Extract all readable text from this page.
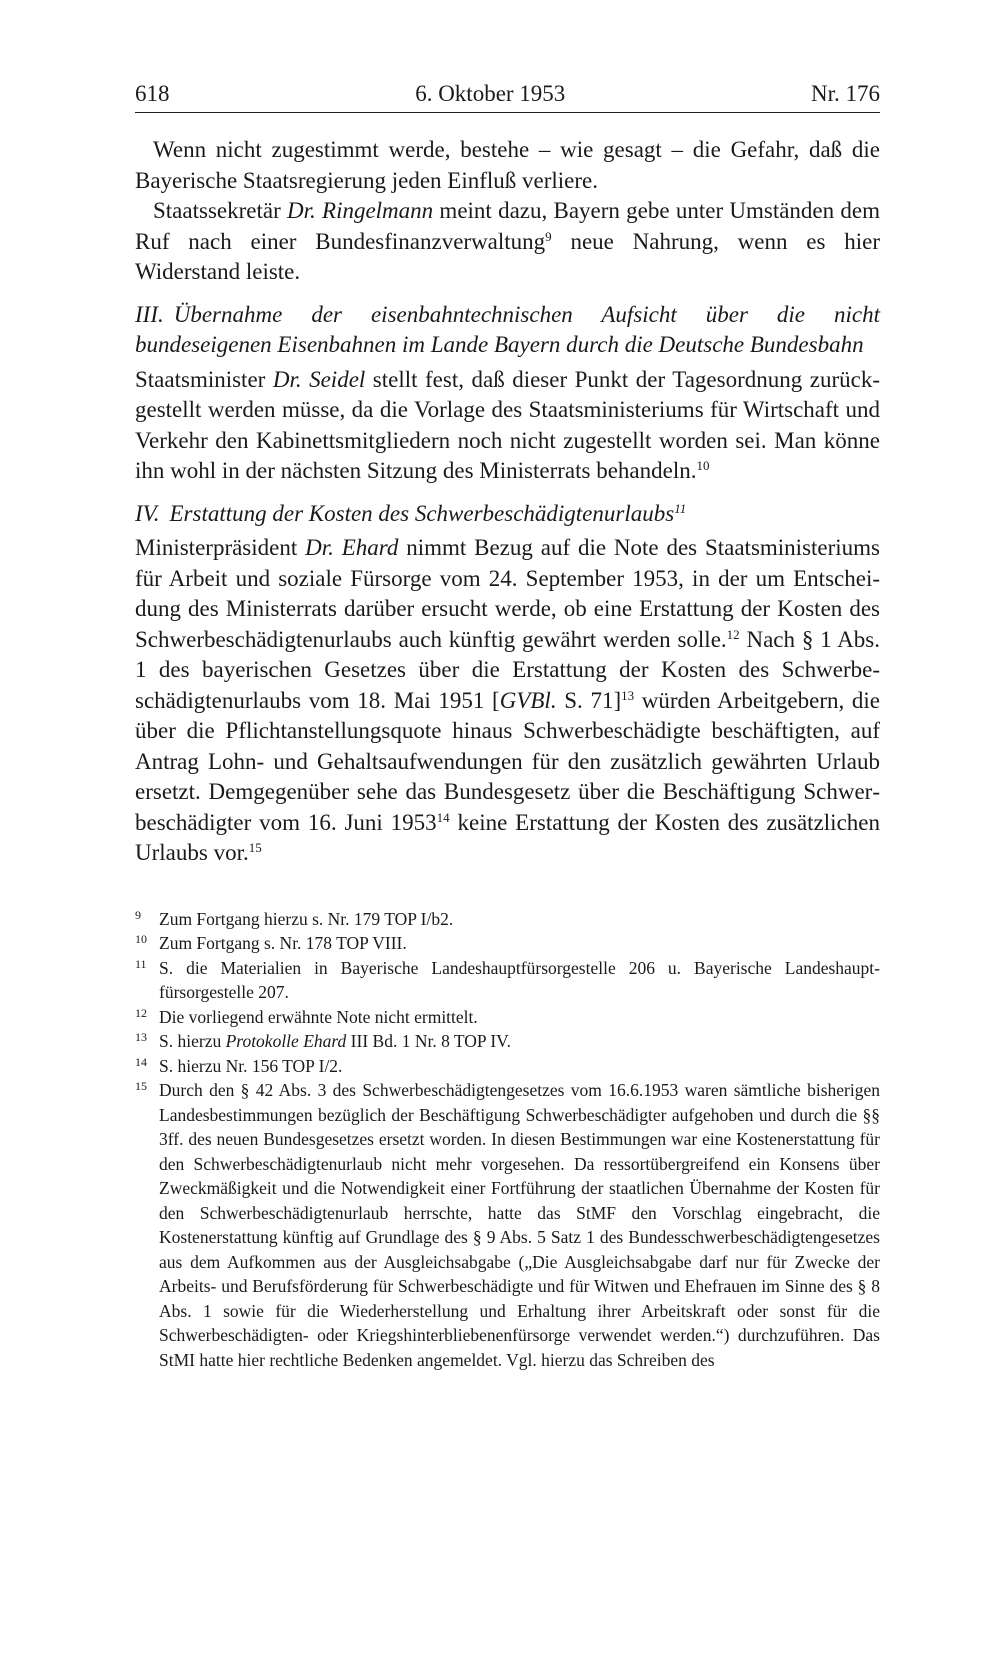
618	6. Oktober 1953	Nr. 176

Wenn nicht zugestimmt werde, bestehe – wie gesagt – die Gefahr, daß die Bayerische Staatsregierung jeden Einfluß verliere.

Staatssekretär Dr. Ringelmann meint dazu, Bayern gebe unter Umständen dem Ruf nach einer Bundesfinanzverwaltung$^9$ neue Nahrung, wenn es hier Widerstand leiste.

III. Übernahme der eisenbahntechnischen Aufsicht über die nicht bundeseigenen Eisenbahnen im Lande Bayern durch die Deutsche Bundesbahn

Staatsminister Dr. Seidel stellt fest, daß dieser Punkt der Tagesordnung zurückgestellt werden müsse, da die Vorlage des Staatsministeriums für Wirtschaft und Verkehr den Kabinettsmitgliedern noch nicht zugestellt worden sei. Man könne ihn wohl in der nächsten Sitzung des Ministerrats behandeln.$^{10}$

IV. Erstattung der Kosten des Schwerbeschädigtenurlaubs$^{11}$

Ministerpräsident Dr. Ehard nimmt Bezug auf die Note des Staatsministeriums für Arbeit und soziale Fürsorge vom 24. September 1953, in der um Entscheidung des Ministerrats darüber ersucht werde, ob eine Erstattung der Kosten des Schwerbeschädigtenurlaubs auch künftig gewährt werden solle.$^{12}$ Nach § 1 Abs. 1 des bayerischen Gesetzes über die Erstattung der Kosten des Schwerbeschädigtenurlaubs vom 18. Mai 1951 [GVBl. S. 71]$^{13}$ würden Arbeitgebern, die über die Pflichtanstellungsquote hinaus Schwerbeschädigte beschäftigten, auf Antrag Lohn- und Gehaltsaufwendungen für den zusätzlich gewährten Urlaub ersetzt. Demgegenüber sehe das Bundesgesetz über die Beschäftigung Schwerbeschädigter vom 16. Juni 1953$^{14}$ keine Erstattung der Kosten des zusätzlichen Urlaubs vor.$^{15}$

9	Zum Fortgang hierzu s. Nr. 179 TOP I/b2.
10 Zum Fortgang s. Nr. 178 TOP VIII.
11 S. die Materialien in Bayerische Landeshauptfürsorgestelle 206 u. Bayerische Landeshauptfürsorgestelle 207.
12 Die vorliegend erwähnte Note nicht ermittelt.
13 S. hierzu Protokolle Ehard III Bd. 1 Nr. 8 TOP IV.
14 S. hierzu Nr. 156 TOP I/2.
15 Durch den § 42 Abs. 3 des Schwerbeschädigtengesetzes vom 16.6.1953 waren sämtliche bisherigen Landesbestimmungen bezüglich der Beschäftigung Schwerbeschädigter aufgehoben und durch die §§ 3ff. des neuen Bundesgesetzes ersetzt worden. In diesen Bestimmungen war eine Kostenerstattung für den Schwerbeschädigtenurlaub nicht mehr vorgesehen. Da ressortübergreifend ein Konsens über Zweckmäßigkeit und die Notwendigkeit einer Fortführung der staatlichen Übernahme der Kosten für den Schwerbeschädigtenurlaub herrschte, hatte das StMF den Vorschlag eingebracht, die Kostenerstattung künftig auf Grundlage des § 9 Abs. 5 Satz 1 des Bundesschwerbeschädigtengesetzes aus dem Aufkommen aus der Ausgleichsabgabe („Die Ausgleichsabgabe darf nur für Zwecke der Arbeits- und Berufsförderung für Schwerbeschädigte und für Witwen und Ehefrauen im Sinne des § 8 Abs. 1 sowie für die Wiederherstellung und Erhaltung ihrer Arbeitskraft oder sonst für die Schwerbeschädigten- oder Kriegshinterbliebenenfürsorge verwendet werden.“) durchzuführen. Das StMI hatte hier rechtliche Bedenken angemeldet. Vgl. hierzu das Schreiben des
